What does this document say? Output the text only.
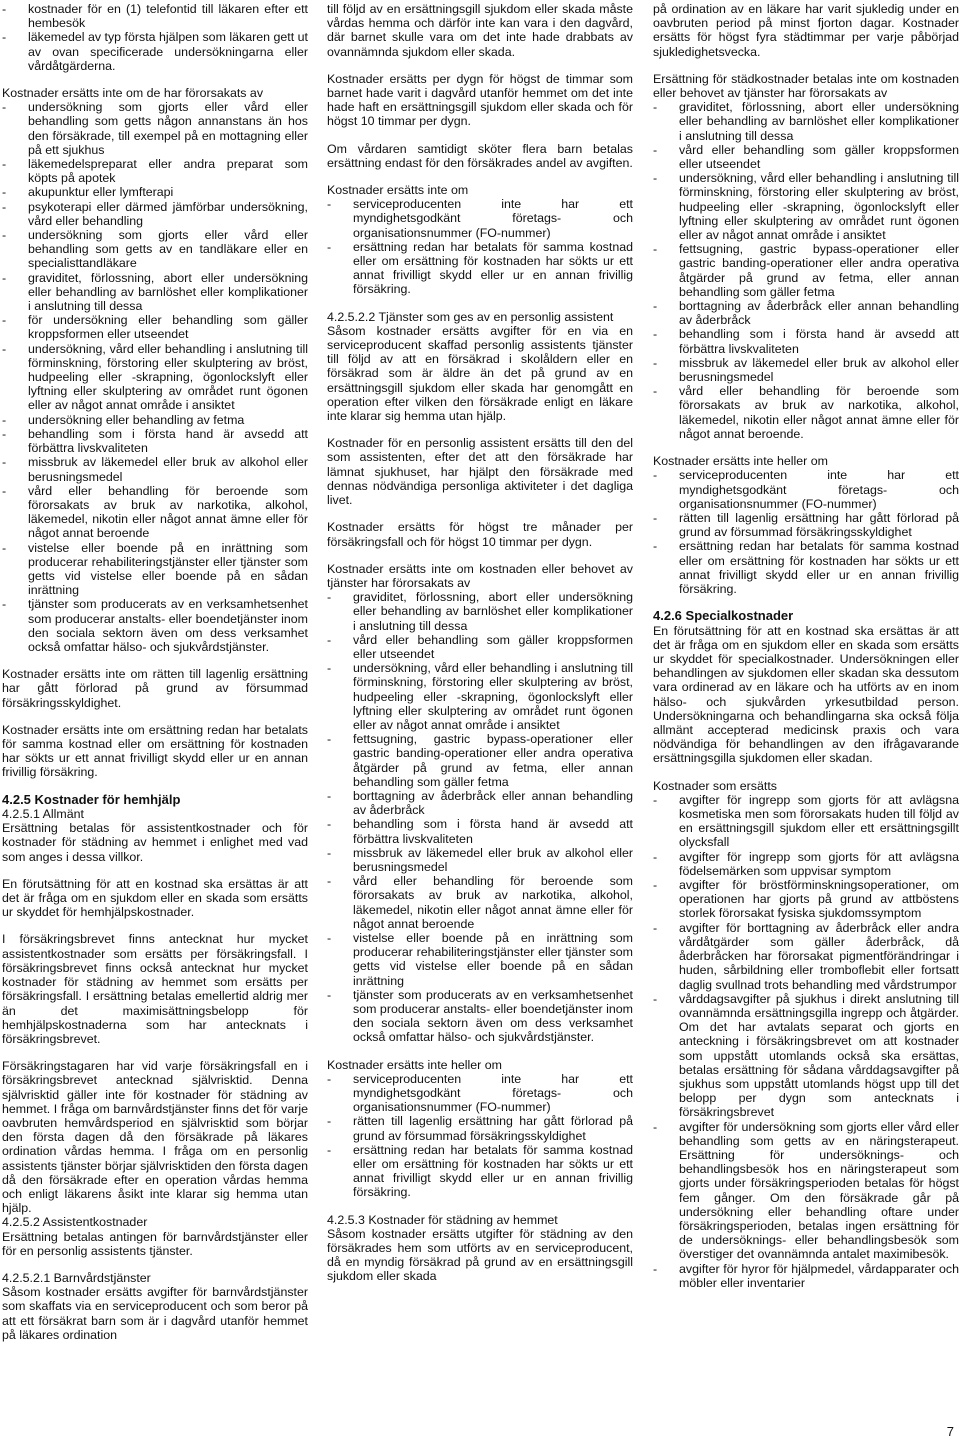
- kostnader för en (1) telefontid till läkaren efter ett hembesök
- läkemedel av typ första hjälpen som läkaren gett ut av ovan specificerade undersökningarna eller vårdåtgärderna.

Kostnader ersätts inte om de har förorsakats av

- undersökning som gjorts eller vård eller behandling som getts någon annanstans än hos den försäkrade, till exempel på en mottagning eller på ett sjukhus
- läkemedelspreparat eller andra preparat som köpts på apotek
- akupunktur eller lymfterapi
- psykoterapi eller därmed jämförbar undersökning, vård eller behandling
- undersökning som gjorts eller vård eller behandling som getts av en tandläkare eller en specialisttandläkare
- graviditet, förlossning, abort eller undersökning eller behandling av barnlöshet eller komplikationer i anslutning till dessa
- för undersökning eller behandling som gäller kroppsformen eller utseendet
- undersökning, vård eller behandling i anslutning till förminskning, förstoring eller skulptering av bröst, hudpeeling eller -skrapning, ögonlockslyft eller lyftning eller skulptering av området runt ögonen eller av något annat område i ansiktet
- undersökning eller behandling av fetma
- behandling som i första hand är avsedd att förbättra livskvaliteten
- missbruk av läkemedel eller bruk av alkohol eller berusningsmedel
- vård eller behandling för beroende som förorsakats av bruk av narkotika, alkohol, läkemedel, nikotin eller något annat ämne eller för något annat beroende
- vistelse eller boende på en inrättning som producerar rehabiliteringstjänster eller tjänster som getts vid vistelse eller boende på en sådan inrättning
- tjänster som producerats av en verksamhetsenhet som producerar anstalts- eller boendetjänster inom den sociala sektorn även om dess verksamhet också omfattar hälso- och sjukvårdstjänster.

Kostnader ersätts inte om rätten till lagenlig ersättning har gått förlorad på grund av försummad försäkringsskyldighet.

Kostnader ersätts inte om ersättning redan har betalats för samma kostnad eller om ersättning för kostnaden har sökts ur ett annat frivilligt skydd eller ur en annan frivillig försäkring.

4.2.5 Kostnader för hemhjälp
4.2.5.1 Allmänt

Ersättning betalas för assistentkostnader och för kostnader för städning av hemmet i enlighet med vad som anges i dessa villkor.

En förutsättning för att en kostnad ska ersättas är att det är fråga om en sjukdom eller en skada som ersätts ur skyddet för hemhjälpskostnader.

I försäkringsbrevet finns antecknat hur mycket assistentkostnader som ersätts per försäkringsfall. I försäkringsbrevet finns också antecknat hur mycket kostnader för städning av hemmet som ersätts per försäkringsfall. I ersättning betalas emellertid aldrig mer än det maximisättningsbelopp för hemhjälpskostnaderna som har antecknats i försäkringsbrevet.

Försäkringstagaren har vid varje försäkringsfall en i försäkringsbrevet antecknad självrisktid. Denna självrisktid gäller inte för kostnader för städning av hemmet. I fråga om barnvårdstjänster finns det för varje oavbruten hemvårdsperiod en självrisktid som börjar den första dagen då den försäkrade på läkares ordination vårdas hemma. I fråga om en personlig assistents tjänster börjar självrisktiden den första dagen då den försäkrade efter en operation vårdas hemma och enligt läkarens åsikt inte klarar sig hemma utan hjälp.

4.2.5.2 Assistentkostnader

Ersättning betalas antingen för barnvårdstjänster eller för en personlig assistents tjänster.

4.2.5.2.1 Barnvårdstjänster

Såsom kostnader ersätts avgifter för barnvårdstjänster som skaffats via en serviceproducent och som beror på att ett försäkrat barn som är i dagvård utanför hemmet på läkares ordination

till följd av en ersättningsgill sjukdom eller skada måste vårdas hemma och därför inte kan vara i den dagvård, där barnet skulle vara om det inte hade drabbats av ovannämnda sjukdom eller skada.

Kostnader ersätts per dygn för högst de timmar som barnet hade varit i dagvård utanför hemmet om det inte hade haft en ersättningsgill sjukdom eller skada och för högst 10 timmar per dygn.

Om vårdaren samtidigt sköter flera barn betalas ersättning endast för den försäkrades andel av avgiften.

Kostnader ersätts inte om

- serviceproducenten inte har ett myndighetsgodkänt företags- och organisationsnummer (FO-nummer)
- ersättning redan har betalats för samma kostnad eller om ersättning för kostnaden har sökts ur ett annat frivilligt skydd eller ur en annan frivillig försäkring.
4.2.5.2.2 Tjänster som ges av en personlig assistent

Såsom kostnader ersätts avgifter för en via en serviceproducent skaffad personlig assistents tjänster till följd av att en försäkrad i skolåldern eller en försäkrad som är äldre än det på grund av en ersättningsgill sjukdom eller skada har genomgått en operation efter vilken den försäkrade enligt en läkare inte klarar sig hemma utan hjälp.

Kostnader för en personlig assistent ersätts till den del som assistenten, efter det att den försäkrade har lämnat sjukhuset, har hjälpt den försäkrade med dennas nödvändiga personliga aktiviteter i det dagliga livet.

Kostnader ersätts för högst tre månader per försäkringsfall och för högst 10 timmar per dygn.

Kostnader ersätts inte om kostnaden eller behovet av tjänster har förorsakats av

- graviditet, förlossning, abort eller undersökning eller behandling av barnlöshet eller komplikationer i anslutning till dessa
- vård eller behandling som gäller kroppsformen eller utseendet
- undersökning, vård eller behandling i anslutning till förminskning, förstoring eller skulptering av bröst, hudpeeling eller -skrapning, ögonlockslyft eller lyftning eller skulptering av området runt ögonen eller av något annat område i ansiktet
- fettsugning, gastric bypass-operationer eller gastric banding-operationer eller andra operativa åtgärder på grund av fetma, eller annan behandling som gäller fetma
- borttagning av åderbråck eller annan behandling av åderbråck
- behandling som i första hand är avsedd att förbättra livskvaliteten
- missbruk av läkemedel eller bruk av alkohol eller berusningsmedel
- vård eller behandling för beroende som förorsakats av bruk av narkotika, alkohol, läkemedel, nikotin eller något annat ämne eller för något annat beroende
- vistelse eller boende på en inrättning som producerar rehabiliteringstjänster eller tjänster som getts vid vistelse eller boende på en sådan inrättning
- tjänster som producerats av en verksamhetsenhet som producerar anstalts- eller boendetjänster inom den sociala sektorn även om dess verksamhet också omfattar hälso- och sjukvårdstjänster.

Kostnader ersätts inte heller om

- serviceproducenten inte har ett myndighetsgodkänt företags- och organisationsnummer (FO-nummer)
- rätten till lagenlig ersättning har gått förlorad på grund av försummad försäkringsskyldighet
- ersättning redan har betalats för samma kostnad eller om ersättning för kostnaden har sökts ur ett annat frivilligt skydd eller ur en annan frivillig försäkring.
4.2.5.3 Kostnader för städning av hemmet

Såsom kostnader ersätts utgifter för städning av den försäkrades hem som utförts av en serviceproducent, då en myndig försäkrad på grund av en ersättningsgill sjukdom eller skada

på ordination av en läkare har varit sjukledig under en oavbruten period på minst fjorton dagar. Kostnader ersätts för högst fyra städtimmar per varje påbörjad sjukledighetsvecka.

Ersättning för städkostnader betalas inte om kostnaden eller behovet av tjänster har förorsakats av

- graviditet, förlossning, abort eller undersökning eller behandling av barnlöshet eller komplikationer i anslutning till dessa
- vård eller behandling som gäller kroppsformen eller utseendet
- undersökning, vård eller behandling i anslutning till förminskning, förstoring eller skulptering av bröst, hudpeeling eller -skrapning, ögonlockslyft eller lyftning eller skulptering av området runt ögonen eller av något annat område i ansiktet
- fettsugning, gastric bypass-operationer eller gastric banding-operationer eller andra operativa åtgärder på grund av fetma, eller annan behandling som gäller fetma
- borttagning av åderbråck eller annan behandling av åderbråck
- behandling som i första hand är avsedd att förbättra livskvaliteten
- missbruk av läkemedel eller bruk av alkohol eller berusningsmedel
- vård eller behandling för beroende som förorsakats av bruk av narkotika, alkohol, läkemedel, nikotin eller något annat ämne eller för något annat beroende.

Kostnader ersätts inte heller om

- serviceproducenten inte har ett myndighetsgodkänt företags- och organisationsnummer (FO-nummer)
- rätten till lagenlig ersättning har gått förlorad på grund av försummad försäkringsskyldighet
- ersättning redan har betalats för samma kostnad eller om ersättning för kostnaden har sökts ur ett annat frivilligt skydd eller ur en annan frivillig försäkring.
4.2.6 Specialkostnader

En förutsättning för att en kostnad ska ersättas är att det är fråga om en sjukdom eller en skada som ersätts ur skyddet för specialkostnader. Undersökningen eller behandlingen av sjukdomen eller skadan ska dessutom vara ordinerad av en läkare och ha utförts av en inom hälso- och sjukvården yrkesutbildad person. Undersökningarna och behandlingarna ska också följa allmänt accepterad medicinsk praxis och vara nödvändiga för behandlingen av den ifrågavarande ersättningsgilla sjukdomen eller skadan.

Kostnader som ersätts

- avgifter för ingrepp som gjorts för att avlägsna kosmetiska men som förorsakats huden till följd av en ersättningsgill sjukdom eller ett ersättningsgillt olycksfall
- avgifter för ingrepp som gjorts för att avlägsna födelsemärken som uppvisar symptom
- avgifter för bröstförminskningsoperationer, om operationen har gjorts på grund av attböstens storlek förorsakat fysiska sjukdomssymptom
- avgifter för borttagning av åderbråck eller andra vårdåtgärder som gäller åderbråck, då åderbråcken har förorsakat pigmentförändringar i huden, sårbildning eller tromboflebit eller fortsatt daglig svullnad trots behandling med vårdstrumpor
- vårddagsavgifter på sjukhus i direkt anslutning till ovannämnda ersättningsgilla ingrepp och åtgärder. Om det har avtalats separat och gjorts en anteckning i försäkringsbrevet om att kostnader som uppstått utomlands också ska ersättas, betalas ersättning för sådana vårddagsavgifter på sjukhus som uppstått utomlands högst upp till det belopp per dygn som antecknats i försäkringsbrevet
- avgifter för undersökning som gjorts eller vård eller behandling som getts av en näringsterapeut. Ersättning för undersöknings- och behandlingsbesök hos en näringsterapeut som gjorts under försäkringsperioden betalas för högst fem gånger. Om den försäkrade går på undersökning eller behandling oftare under försäkringsperioden, betalas ingen ersättning för de undersöknings- eller behandlingsbesök som överstiger det ovannämnda antalet maximibesök.
- avgifter för hyror för hjälpmedel, vårdapparater och möbler eller inventarier
7
